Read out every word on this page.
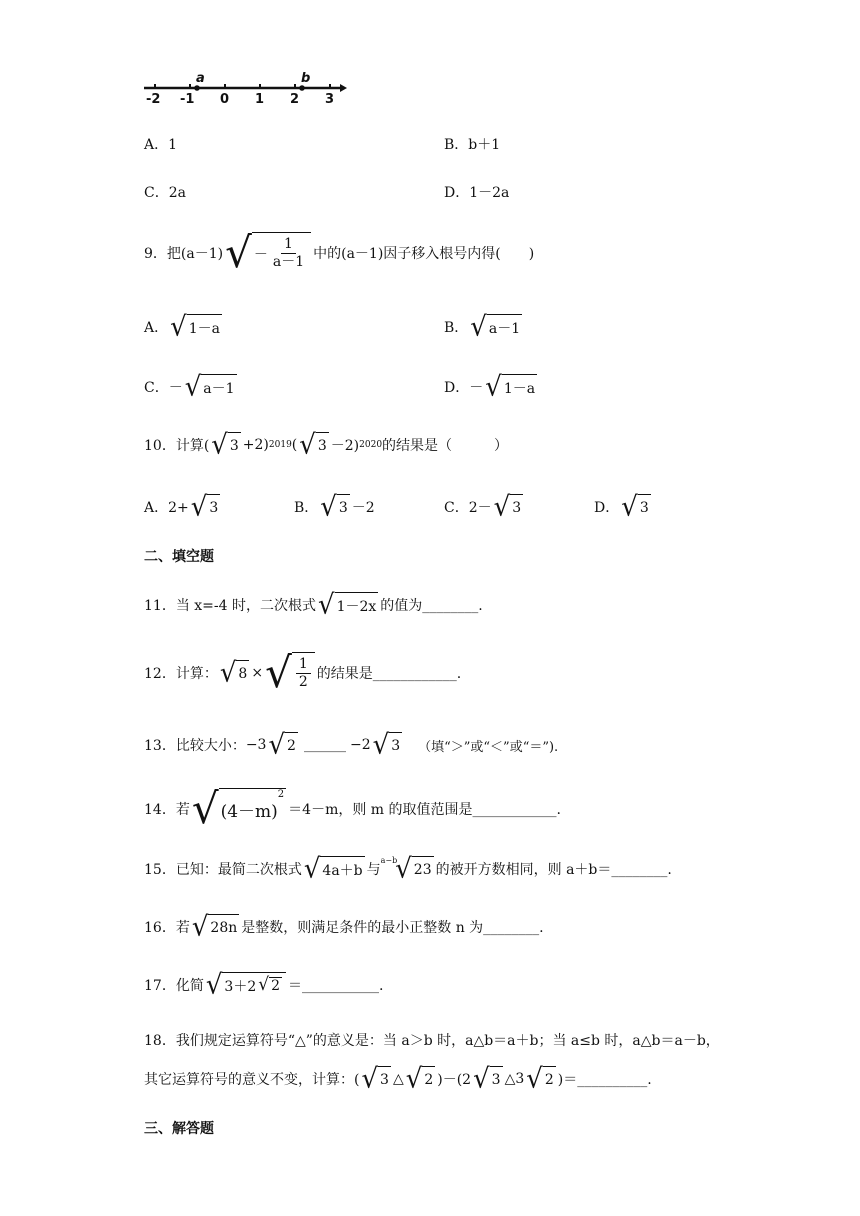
-2 -1 0 1 2 3
a	b
A．1	B．b＋1
C．2a	D．1－2a
9．把(a－1) √ － $\frac{1}{a-1}$ 中的(a－1)因子移入根号内得(　　)
A． √ 1－a	B． √ a－1
C．－ √ a－1	D．－ √ 1－a
10．计算( √ 3 +2) 2019 ( √ 3 －2) 2020 的结果是（　　　）
A．2+ √ 3	B． √ 3 －2	C．2－ √ 3	D． √ 3
二、填空题
11．当 x=-4 时，二次根式 √ 1－2x 的值为________.
12．计算： √ 8 × √ $\frac{1}{2}$ 的结果是____________.
13．比较大小： −3 √ 2 ______ −2 √ 3 （填“＞”或“＜”或“＝”).
14．若 √ (4－m)
$^2$
＝4－m，则 m 的取值范围是____________.
15．已知：最简二次根式 √ 4a＋b 与
$^{a-b}$
√ 23 的被开方数相同，则 a＋b＝________.
16．若 √ 28n 是整数，则满足条件的最小正整数 n 为________.
17．化简 √ 3＋2 √ 2 ＝___________.
18．我们规定运算符号“△”的意义是：当 a＞b 时，a△b＝a＋b；当 a≤b 时，a△b＝a－b，
其它运算符号的意义不变，计算：( √ 3 △ √ 2 )－(2 √ 3 △3 √ 2 )＝__________.
三、解答题
